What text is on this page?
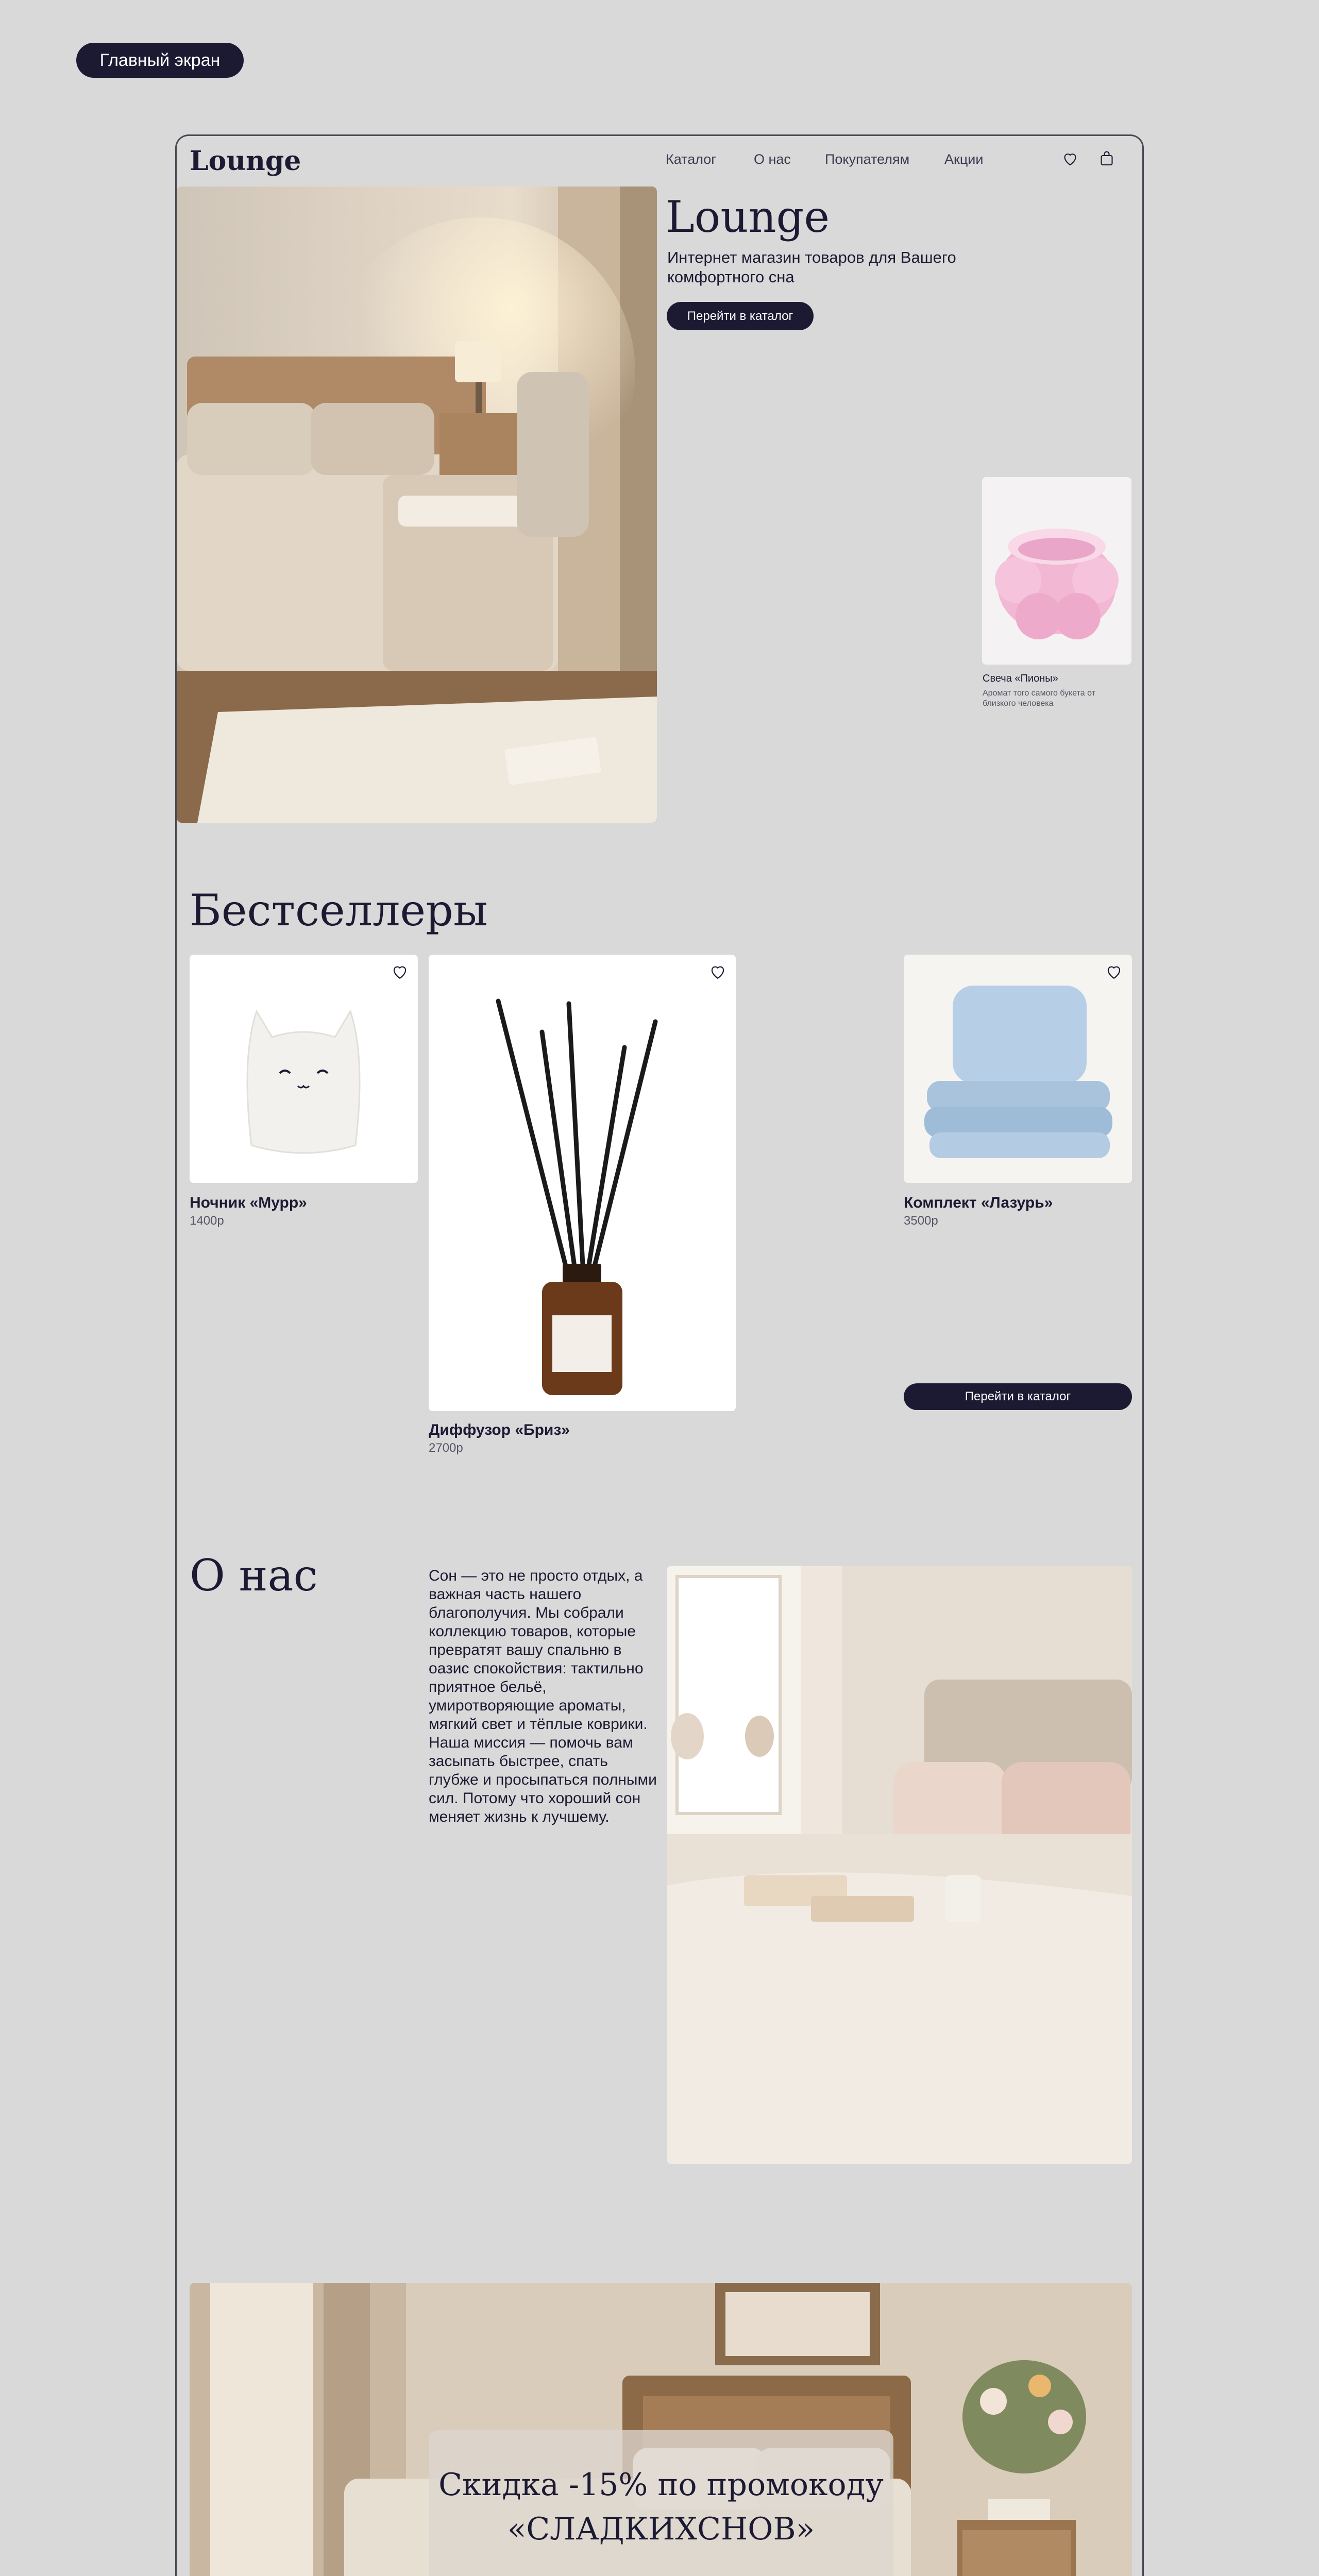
Главный экран
Lounge	Каталог	О нас Покупателям	Акции
Lounge
Интернет магазин товаров для Вашего комфортного сна
Перейти в каталог
Свеча «Пионы»
Аромат того самого букета от близкого человека
Бестселлеры
Ночник «Мурр»
1400р
Диффузор «Бриз»
2700р
Комплект «Лазурь»
3500р
Перейти в каталог
О нас	Сон — это не просто отдых, а важная часть нашего благополучия. Мы собрали коллекцию товаров, которые превратят вашу спальню в оазис спокойствия: тактильно приятное бельё, умиротворяющие ароматы, мягкий свет и тёплые коврики. Наша миссия — помочь вам засыпать быстрее, спать глубже и просыпаться полными сил. Потому что хороший сон меняет жизнь к лучшему.
Скидка -15% по промокоду
«СЛАДКИХСНОВ»
